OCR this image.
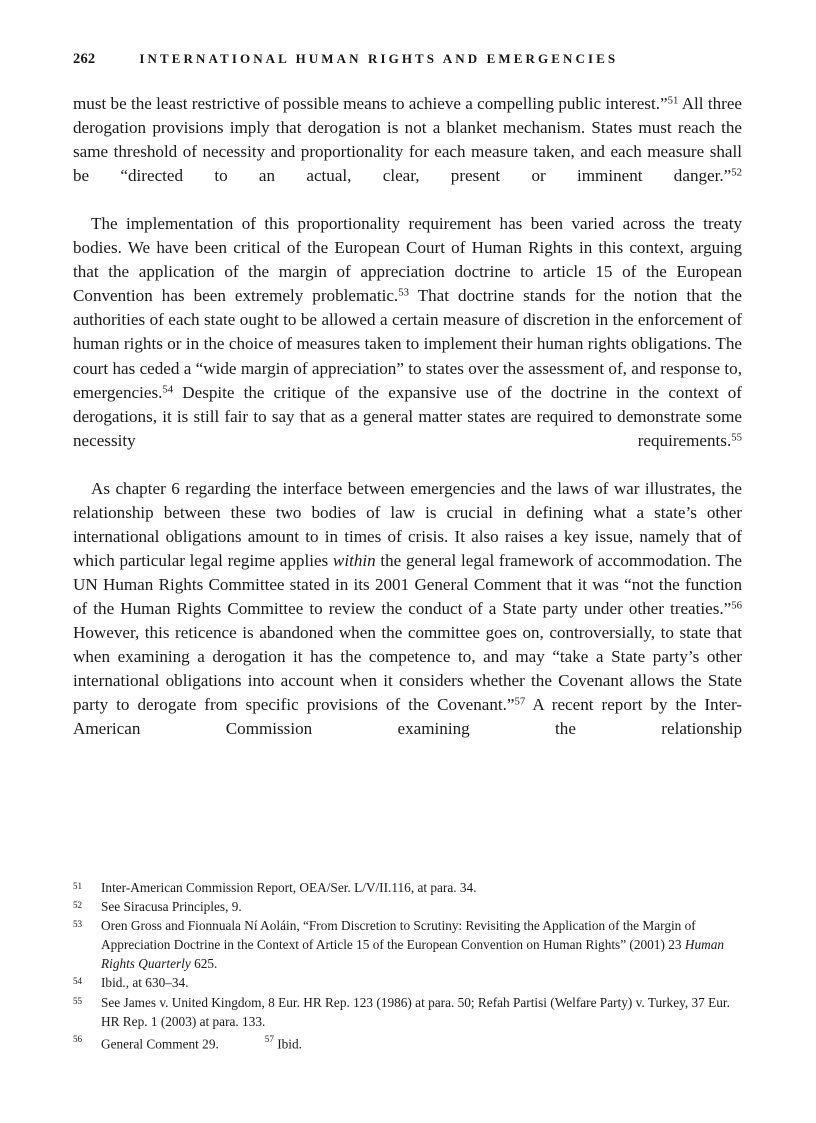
262	INTERNATIONAL HUMAN RIGHTS AND EMERGENCIES

must be the least restrictive of possible means to achieve a compelling public interest.”$^{51}$ All three derogation provisions imply that derogation is not a blanket mechanism. States must reach the same threshold of necessity and proportionality for each measure taken, and each measure shall be “directed to an actual, clear, present or imminent danger.”$^{52}$

The implementation of this proportionality requirement has been varied across the treaty bodies. We have been critical of the European Court of Human Rights in this context, arguing that the application of the margin of appreciation doctrine to article 15 of the European Convention has been extremely problematic.$^{53}$ That doctrine stands for the notion that the authorities of each state ought to be allowed a certain measure of discretion in the enforcement of human rights or in the choice of measures taken to implement their human rights obligations. The court has ceded a “wide margin of appreciation” to states over the assessment of, and response to, emergencies.$^{54}$ Despite the critique of the expansive use of the doctrine in the context of derogations, it is still fair to say that as a general matter states are required to demonstrate some necessity requirements.$^{55}$

As chapter 6 regarding the interface between emergencies and the laws of war illustrates, the relationship between these two bodies of law is crucial in defining what a state’s other international obligations amount to in times of crisis. It also raises a key issue, namely that of which particular legal regime applies within the general legal framework of accommodation. The UN Human Rights Committee stated in its 2001 General Comment that it was “not the function of the Human Rights Committee to review the conduct of a State party under other treaties.”$^{56}$ However, this reticence is abandoned when the committee goes on, controversially, to state that when examining a derogation it has the competence to, and may “take a State party’s other international obligations into account when it considers whether the Covenant allows the State party to derogate from specific provisions of the Covenant.”$^{57}$ A recent report by the Inter-American Commission examining the relationship

51	Inter-American Commission Report, OEA/Ser. L/V/II.116, at para. 34.
52	See Siracusa Principles, 9.
53	Oren Gross and Fionnuala Ní Aoláin, “From Discretion to Scrutiny: Revisiting the Application of the Margin of Appreciation Doctrine in the Context of Article 15 of the European Convention on Human Rights” (2001) 23 Human Rights Quarterly 625.
54	Ibid., at 630–34.
55	See James v. United Kingdom, 8 Eur. HR Rep. 123 (1986) at para. 50; Refah Partisi (Welfare Party) v. Turkey, 37 Eur. HR Rep. 1 (2003) at para. 133.
56	General Comment 29.	$^{57}$ Ibid.
